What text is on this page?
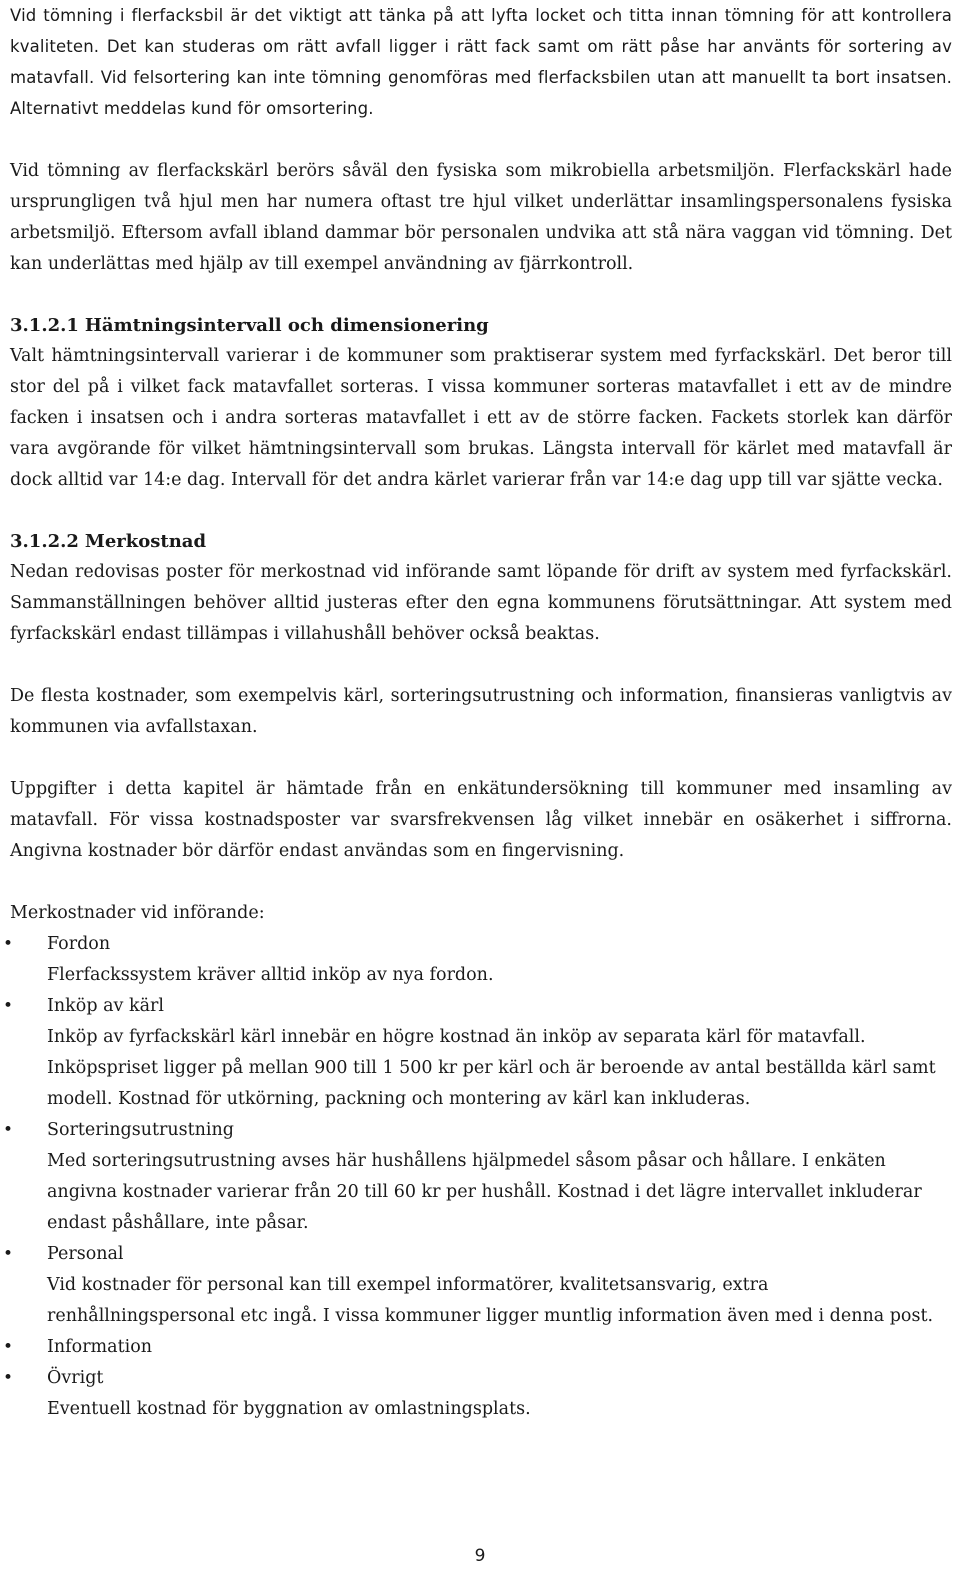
Vid tömning i flerfacksbil är det viktigt att tänka på att lyfta locket och titta innan tömning för att kontrollera kvaliteten. Det kan studeras om rätt avfall ligger i rätt fack samt om rätt påse har använts för sortering av matavfall. Vid felsortering kan inte tömning genomföras med flerfacksbilen utan att manuellt ta bort insatsen. Alternativt meddelas kund för omsortering.

Vid tömning av flerfackskärl berörs såväl den fysiska som mikrobiella arbetsmiljön. Flerfackskärl hade ursprungligen två hjul men har numera oftast tre hjul vilket underlättar insamlingspersonalens fysiska arbetsmiljö. Eftersom avfall ibland dammar bör personalen undvika att stå nära vaggan vid tömning. Det kan underlättas med hjälp av till exempel användning av fjärrkontroll.

3.1.2.1 Hämtningsintervall och dimensionering

Valt hämtningsintervall varierar i de kommuner som praktiserar system med fyrfackskärl. Det beror till stor del på i vilket fack matavfallet sorteras. I vissa kommuner sorteras matavfallet i ett av de mindre facken i insatsen och i andra sorteras matavfallet i ett av de större facken. Fackets storlek kan därför vara avgörande för vilket hämtningsintervall som brukas. Längsta intervall för kärlet med matavfall är dock alltid var 14:e dag. Intervall för det andra kärlet varierar från var 14:e dag upp till var sjätte vecka.

3.1.2.2 Merkostnad

Nedan redovisas poster för merkostnad vid införande samt löpande för drift av system med fyrfackskärl. Sammanställningen behöver alltid justeras efter den egna kommunens förutsättningar. Att system med fyrfackskärl endast tillämpas i villahushåll behöver också beaktas.

De flesta kostnader, som exempelvis kärl, sorteringsutrustning och information, finansieras vanligtvis av kommunen via avfallstaxan.

Uppgifter i detta kapitel är hämtade från en enkätundersökning till kommuner med insamling av matavfall. För vissa kostnadsposter var svarsfrekvensen låg vilket innebär en osäkerhet i siffrorna. Angivna kostnader bör därför endast användas som en fingervisning.

Merkostnader vid införande:

• Fordon

Flerfackssystem kräver alltid inköp av nya fordon.

• Inköp av kärl

Inköp av fyrfackskärl kärl innebär en högre kostnad än inköp av separata kärl för matavfall. Inköpspriset ligger på mellan 900 till 1 500 kr per kärl och är beroende av antal beställda kärl samt modell. Kostnad för utkörning, packning och montering av kärl kan inkluderas.

• Sorteringsutrustning

Med sorteringsutrustning avses här hushållens hjälpmedel såsom påsar och hållare. I enkäten angivna kostnader varierar från 20 till 60 kr per hushåll. Kostnad i det lägre intervallet inkluderar endast påshållare, inte påsar.

• Personal

Vid kostnader för personal kan till exempel informatörer, kvalitetsansvarig, extra renhållningspersonal etc ingå. I vissa kommuner ligger muntlig information även med i denna post.

• Information

• Övrigt

Eventuell kostnad för byggnation av omlastningsplats.

9
